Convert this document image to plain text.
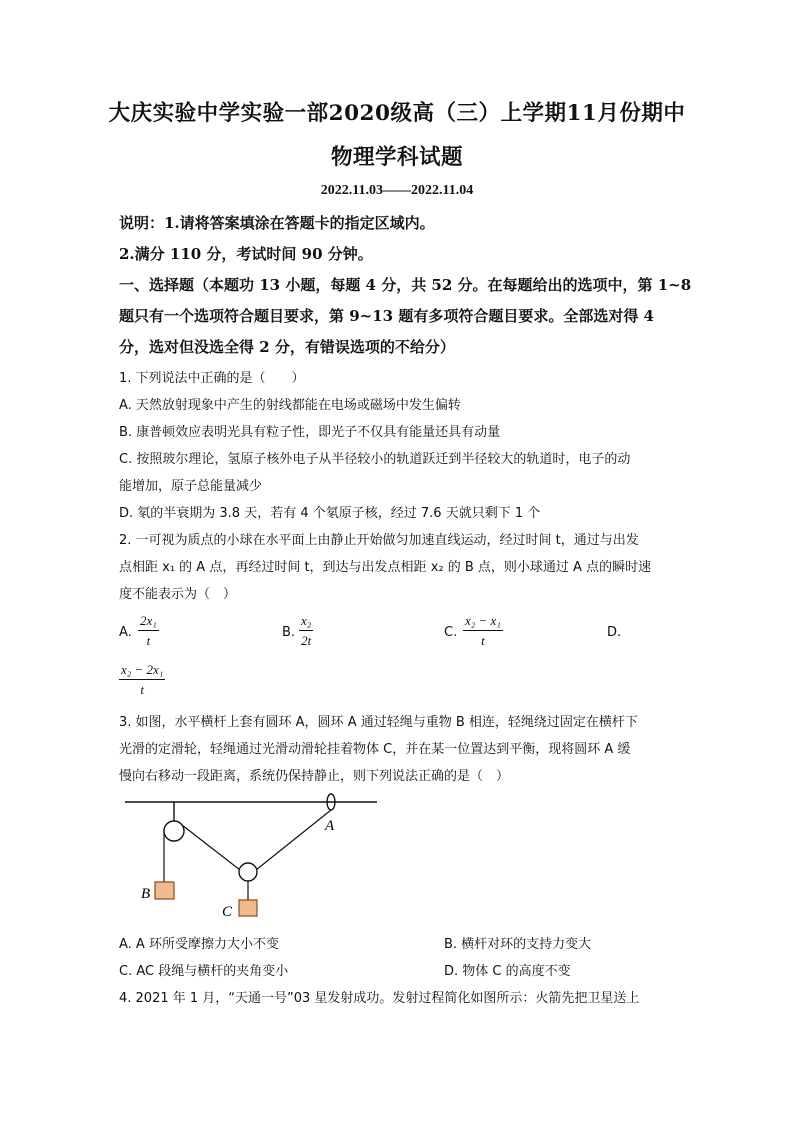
大庆实验中学实验一部2020级高（三）上学期11月份期中
物理学科试题
2022.11.03——2022.11.04
说明：1.请将答案填涂在答题卡的指定区域内。
2.满分 110 分，考试时间 90 分钟。
一、选择题（本题功 13 小题，每题 4 分，共 52 分。在每题给出的选项中，第 1~8
题只有一个选项符合题目要求，第 9~13 题有多项符合题目要求。全部选对得 4
分，选对但没选全得 2 分，有错误选项的不给分）
1. 下列说法中正确的是（　　）
A. 天然放射现象中产生的射线都能在电场或磁场中发生偏转
B. 康普顿效应表明光具有粒子性，即光子不仅具有能量还具有动量
C. 按照玻尔理论，氢原子核外电子从半径较小的轨道跃迁到半径较大的轨道时，电子的动
能增加，原子总能量减少
D. 氡的半衰期为 3.8 天，若有 4 个氡原子核，经过 7.6 天就只剩下 1 个
2. 一可视为质点的小球在水平面上由静止开始做匀加速直线运动，经过时间 t，通过与出发
点相距 x₁ 的 A 点，再经过时间 t，到达与出发点相距 x₂ 的 B 点，则小球通过 A 点的瞬时速
度不能表示为（　）
A. $\frac{\text{2x₁}}{t}$	B. $\frac{\text{x₂}}{2t}$	C. $\frac{\text{x₂ − x₁}}{t}$	D.
$\frac{\text{x₂ − 2x₁}}{t}$
3. 如图，水平横杆上套有圆环 A，圆环 A 通过轻绳与重物 B 相连，轻绳绕过固定在横杆下
光滑的定滑轮，轻绳通过光滑动滑轮挂着物体 C，并在某一位置达到平衡，现将圆环 A 缓
慢向右移动一段距离，系统仍保持静止，则下列说法正确的是（　）
B
C
A
A. A 环所受摩擦力大小不变	B. 横杆对环的支持力变大
C. AC 段绳与横杆的夹角变小	D. 物体 C 的高度不变
4. 2021 年 1 月，“天通一号”03 星发射成功。发射过程简化如图所示：火箭先把卫星送上
